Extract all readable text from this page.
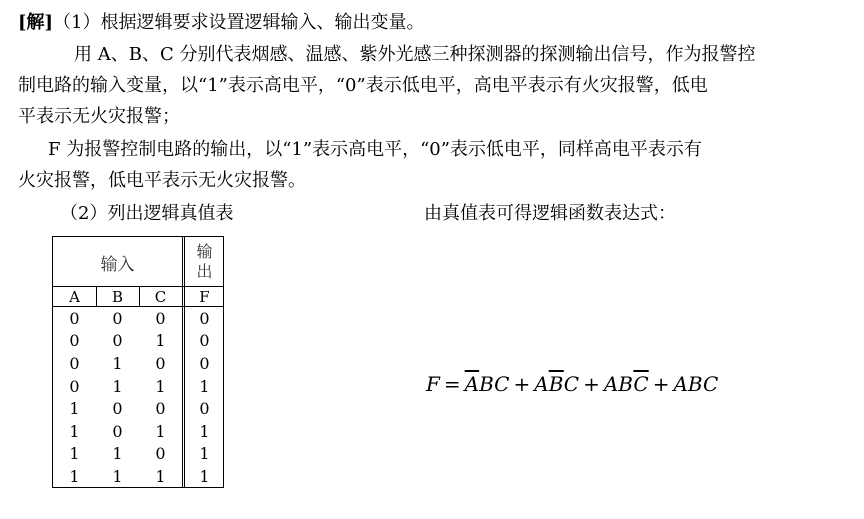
[解]（1）根据逻辑要求设置逻辑输入、输出变量。
用 A、B、C 分别代表烟感、温感、紫外光感三种探测器的探测输出信号，作为报警控
制电路的输入变量，以“1”表示高电平，“0”表示低电平，高电平表示有火灾报警，低电
平表示无火灾报警；
F 为报警控制电路的输出，以“1”表示高电平，“0”表示低电平，同样高电平表示有
火灾报警，低电平表示无火灾报警。
（2）列出逻辑真值表	由真值表可得逻辑函数表达式：
输入
输
出
A	B	C	F
0	0	0	0
0	0	1	0
0	1	0	0
0	1	1	1
1	0	0	0
1	0	1	1
1	1	0	1
1	1	1	1
$F = \overline{A}BC + A\overline{B}C + AB\overline{C}$ + ABC
